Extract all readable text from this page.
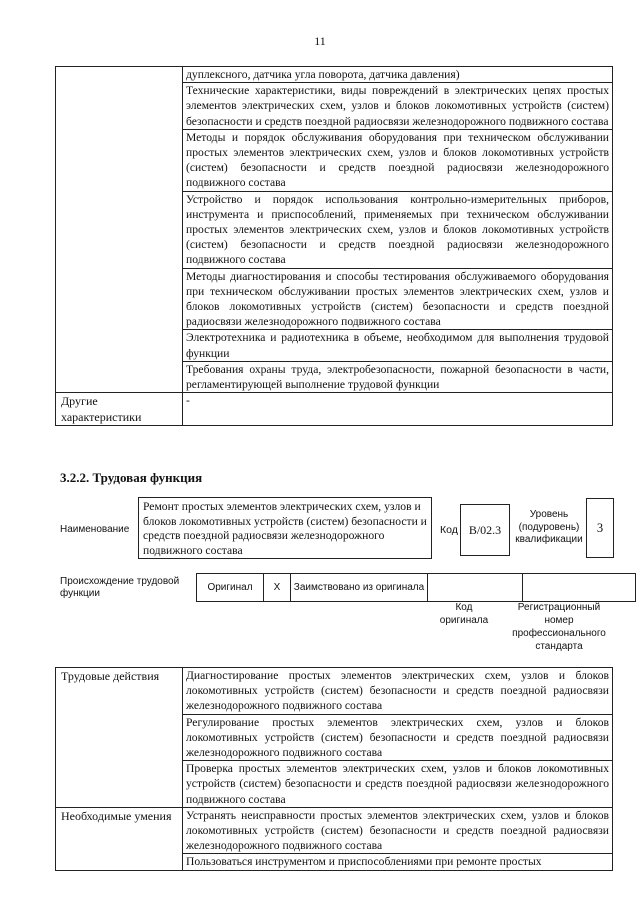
11
	дуплексного, датчика угла поворота, датчика давления)
	Технические характеристики, виды повреждений в электрических цепях простых элементов электрических схем, узлов и блоков локомотивных устройств (систем) безопасности и средств поездной радиосвязи железнодорожного подвижного состава
	Методы и порядок обслуживания оборудования при техническом обслуживании простых элементов электрических схем, узлов и блоков локомотивных устройств (систем) безопасности и средств поездной радиосвязи железнодорожного подвижного состава
	Устройство и порядок использования контрольно-измерительных приборов, инструмента и приспособлений, применяемых при техническом обслуживании простых элементов электрических схем, узлов и блоков локомотивных устройств (систем) безопасности и средств поездной радиосвязи железнодорожного подвижного состава
	Методы диагностирования и способы тестирования обслуживаемого оборудования при техническом обслуживании простых элементов электрических схем, узлов и блоков локомотивных устройств (систем) безопасности и средств поездной радиосвязи железнодорожного подвижного состава
	Электротехника и радиотехника в объеме, необходимом для выполнения трудовой функции
	Требования охраны труда, электробезопасности, пожарной безопасности в части, регламентирующей выполнение трудовой функции
Другие характеристики	-
3.2.2. Трудовая функция
Наименование
Ремонт простых элементов электрических схем, узлов и блоков локомотивных устройств (систем) безопасности и средств поездной радиосвязи железнодорожного подвижного состава
Код B/02.3
Уровень (подуровень) квалификации
3
Происхождение трудовой функции
Оригинал	X	Заимствовано из оригинала		
Код оригинала
Регистрационный номер профессионального стандарта
Трудовые действия	Диагностирование простых элементов электрических схем, узлов и блоков локомотивных устройств (систем) безопасности и средств поездной радиосвязи железнодорожного подвижного состава
	Регулирование простых элементов электрических схем, узлов и блоков локомотивных устройств (систем) безопасности и средств поездной радиосвязи железнодорожного подвижного состава
	Проверка простых элементов электрических схем, узлов и блоков локомотивных устройств (систем) безопасности и средств поездной радиосвязи железнодорожного подвижного состава
Необходимые умения	Устранять неисправности простых элементов электрических схем, узлов и блоков локомотивных устройств (систем) безопасности и средств поездной радиосвязи железнодорожного подвижного состава
	Пользоваться инструментом и приспособлениями при ремонте простых
